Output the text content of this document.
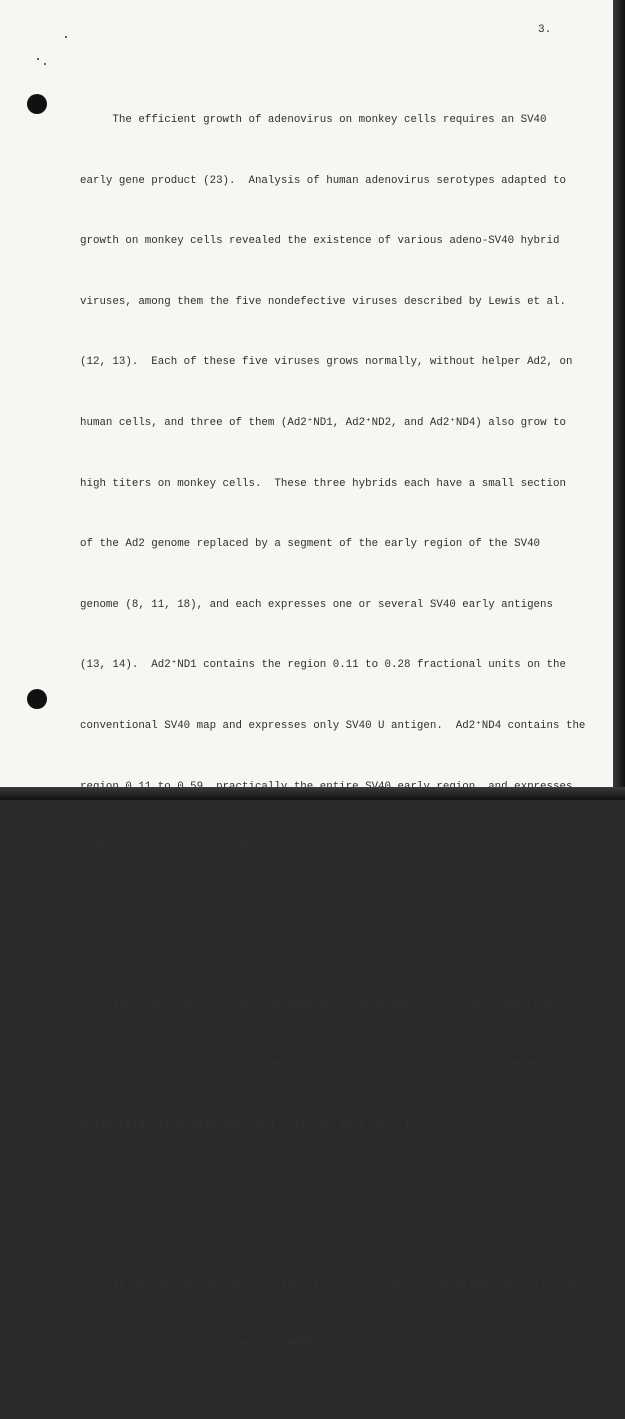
3.

The efficient growth of adenovirus on monkey cells requires an SV40

early gene product (23).  Analysis of human adenovirus serotypes adapted to

growth on monkey cells revealed the existence of various adeno-SV40 hybrid

viruses, among them the five nondefective viruses described by Lewis et al.

(12, 13).  Each of these five viruses grows normally, without helper Ad2, on

human cells, and three of them (Ad2⁺ND1, Ad2⁺ND2, and Ad2⁺ND4) also grow to

high titers on monkey cells.  These three hybrids each have a small section

of the Ad2 genome replaced by a segment of the early region of the SV40

genome (8, 11, 18), and each expresses one or several SV40 early antigens

(13, 14).  Ad2⁺ND1 contains the region 0.11 to 0.28 fractional units on the

conventional SV40 map and expresses only SV40 U antigen.  Ad2⁺ND4 contains the

SV40 U, TSTA, and T antigens.

The SV40 T antigen has now been purified manyfold (16, 19), and recently

Tegtmeyer (26) has reported the selective precipitation of a 100,000 mol wt

polypeptide from SV40-infected cells by SV40 anti-T sera.

It has become possible to identify virus-coded polypeptides by cell-free

protein synthesis programmed by mRNA selected by hybridization to viral DNA
